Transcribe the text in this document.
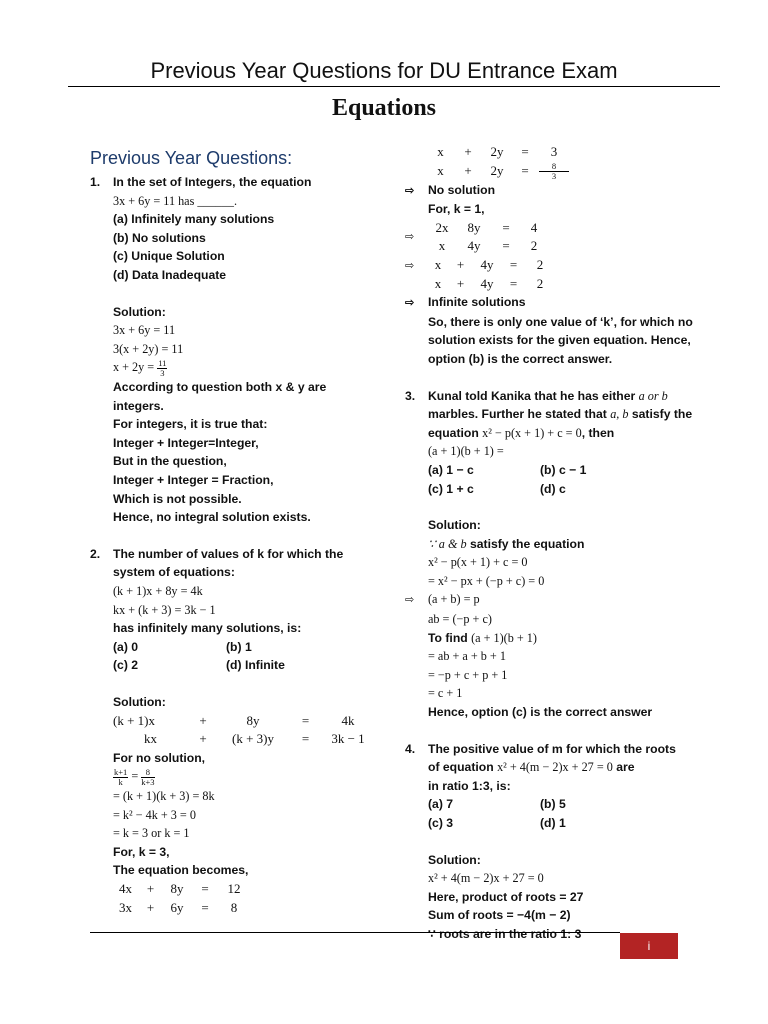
Previous Year Questions for DU Entrance Exam
Equations
Previous Year Questions:
1.	In the set of Integers, the equation
3x + 6y = 11 has ______.
(a) Infinitely many solutions
(b) No solutions
(c) Unique Solution
(d) Data Inadequate
Solution:
3x + 6y = 11
3(x + 2y) = 11
$x + 2y = \frac{11}{3}$
According to question both x & y are integers.
For integers, it is true that:
Integer + Integer=Integer,
But in the question,
Integer + Integer = Fraction,
Which is not possible.
Hence, no integral solution exists.
2.	The number of values of k for which the system of equations:
(k + 1)x + 8y = 4k
kx + (k + 3) = 3k − 1
has infinitely many solutions, is:
(a) 0	(b) 1
(c) 2	(d) Infinite
Solution:
(k + 1)x	+	8y	=	4k
kx	+	(k + 3)y	=	3k − 1
For no solution,
$\frac{k+1}{k} = \frac{8}{k+3}$
= (k + 1)(k + 3) = 8k
= k² − 4k + 3 = 0
= k = 3 or k = 1
For, k = 3,
The equation becomes,
4x	+	8y	=	12
3x	+	6y	=	8
x	+	2y	=	3
x	+	2y	=	$\frac{8}{3}$
⇨ No solution
For, k = 1,
⇨
2x	8y	=	4
x	4y	=	2
⇨	x	+	4y	=	2
x	+	4y	=	2
⇨ Infinite solutions
So, there is only one value of ‘k’, for which no solution exists for the given equation. Hence, option (b) is the correct answer.
3.	Kunal told Kanika that he has either a or b marbles. Further he stated that a, b satisfy the equation x² − p(x + 1) + c = 0, then
(a + 1)(b + 1) =
(a) 1 − c	(b) c − 1
(c) 1 + c	(d) c
Solution:
∵ a & b satisfy the equation
x² − p(x + 1) + c = 0
= x² − px + (−p + c) = 0
⇨ (a + b) = p
ab = (−p + c)
To find (a + 1)(b + 1)
= ab + a + b + 1
= −p + c + p + 1
= c + 1
Hence, option (c) is the correct answer
4.	The positive value of m for which the roots
of equation x² + 4(m − 2)x + 27 = 0 are
in ratio 1:3, is:
(a) 7	(b) 5
(c) 3	(d) 1
Solution:
x² + 4(m − 2)x + 27 = 0
Here, product of roots = 27
Sum of roots = −4(m − 2)
∵ roots are in the ratio 1: 3
i
